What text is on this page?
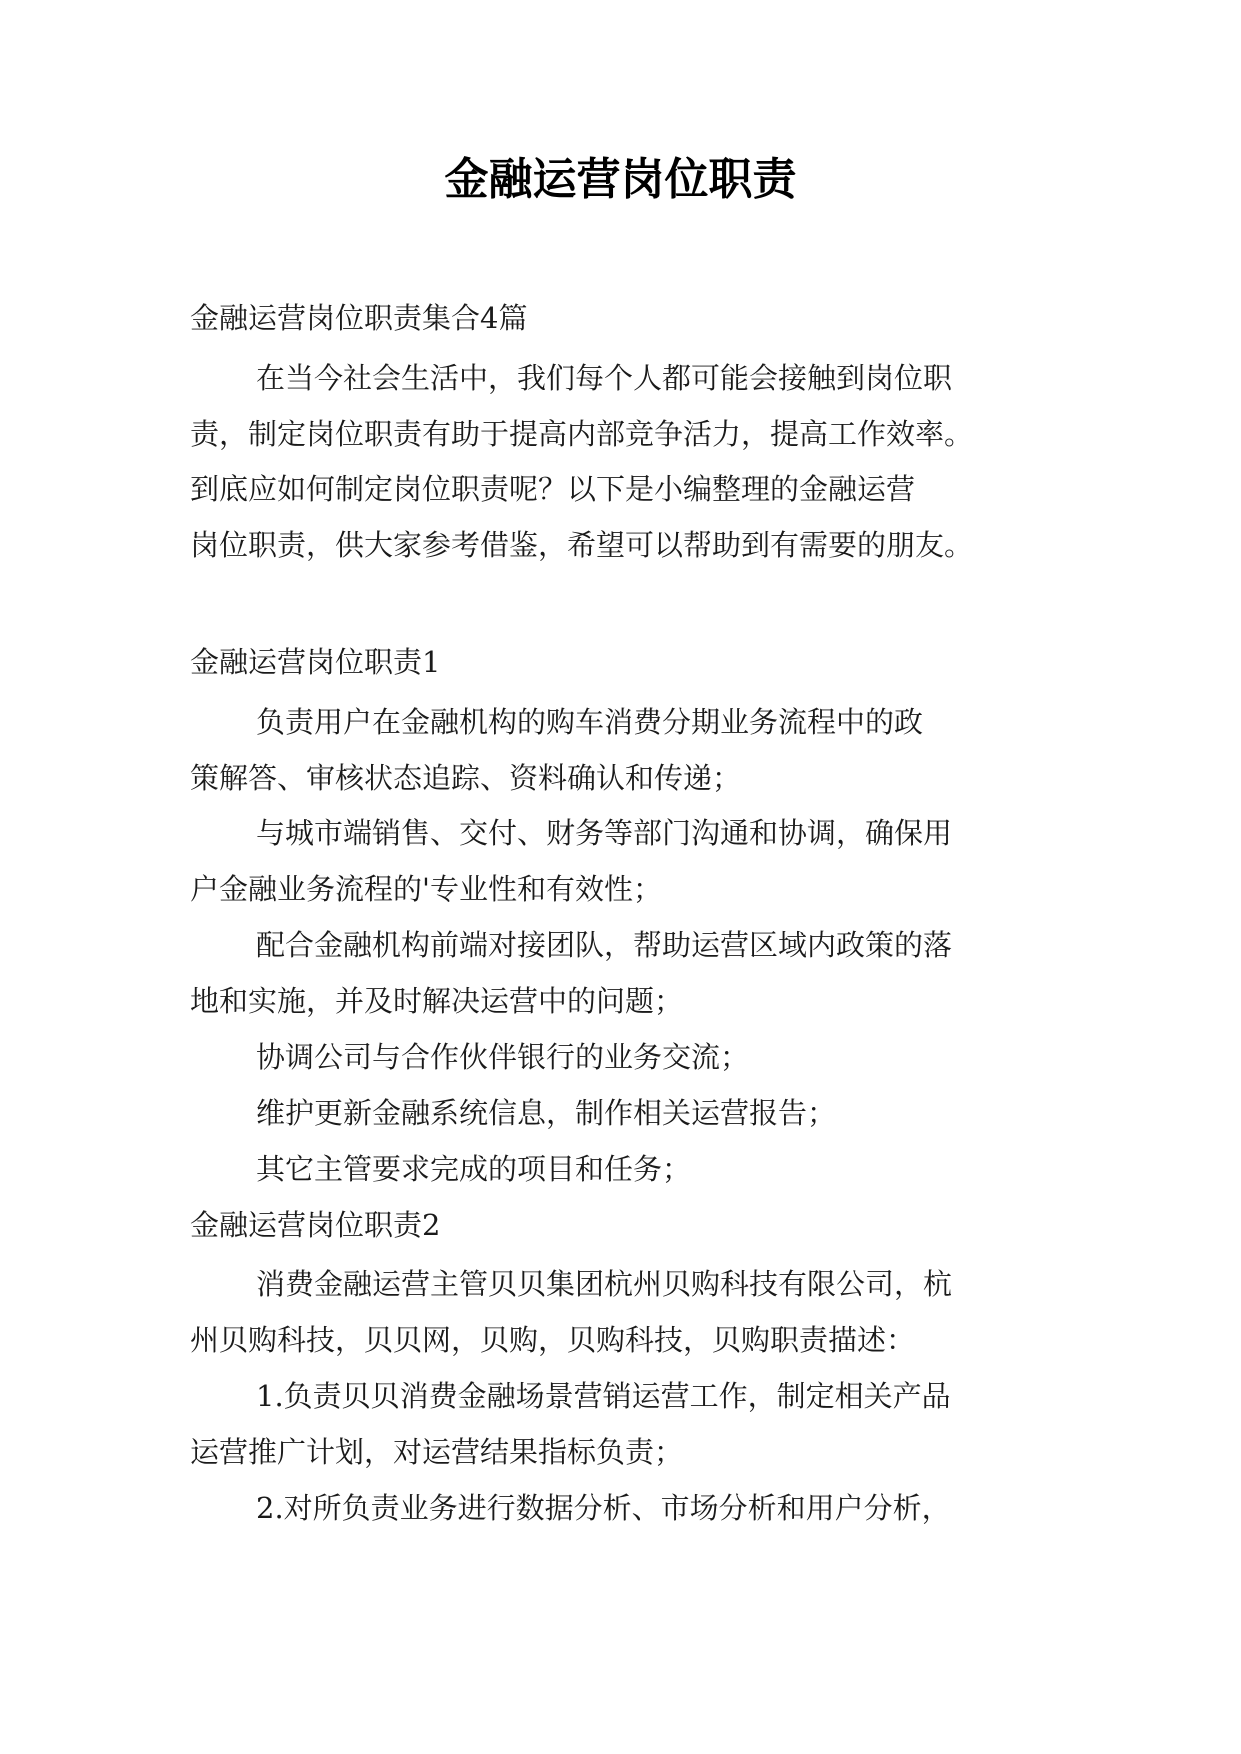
金融运营岗位职责

金融运营岗位职责集合4篇

在当今社会生活中，我们每个人都可能会接触到岗位职

责，制定岗位职责有助于提高内部竞争活力，提高工作效率。

到底应如何制定岗位职责呢？以下是小编整理的金融运营

岗位职责，供大家参考借鉴，希望可以帮助到有需要的朋友。

金融运营岗位职责1

负责用户在金融机构的购车消费分期业务流程中的政

策解答、审核状态追踪、资料确认和传递；

与城市端销售、交付、财务等部门沟通和协调，确保用

户金融业务流程的'专业性和有效性；

配合金融机构前端对接团队，帮助运营区域内政策的落

地和实施，并及时解决运营中的问题；

协调公司与合作伙伴银行的业务交流；

维护更新金融系统信息，制作相关运营报告；

其它主管要求完成的项目和任务；

金融运营岗位职责2

消费金融运营主管贝贝集团杭州贝购科技有限公司，杭

州贝购科技，贝贝网，贝购，贝购科技，贝购职责描述：

1.负责贝贝消费金融场景营销运营工作，制定相关产品

运营推广计划，对运营结果指标负责；

2.对所负责业务进行数据分析、市场分析和用户分析，
